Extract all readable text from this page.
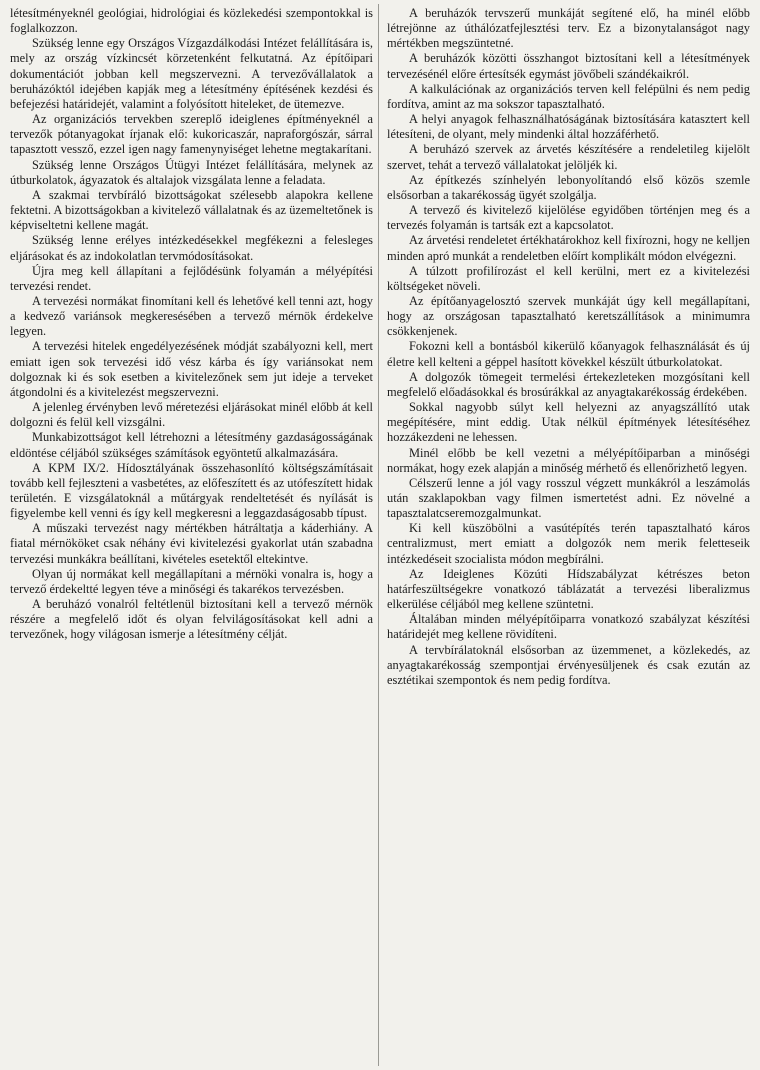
létesítményeknél geológiai, hidrológiai és közlekedési szempontokkal is foglalkozzon.

Szükség lenne egy Országos Vízgazdálkodási Intézet felállítására is, mely az ország vízkincsét körzetenként felkutatná. Az építőipari dokumentációt jobban kell megszervezni. A tervezővállalatok a beruházóktól idejében kapják meg a létesítmény építésének kezdési és befejezési határidejét, valamint a folyósított hiteleket, de ütemezve.

Az organizációs tervekben szereplő ideiglenes építményeknél a tervezők pótanyagokat írjanak elő: kukoricaszár, napraforgószár, sárral tapasztott vessző, ezzel igen nagy famenynyiséget lehetne megtakarítani.

Szükség lenne Országos Útügyi Intézet felállítására, melynek az útburkolatok, ágyazatok és altalajok vizsgálata lenne a feladata.

A szakmai tervbíráló bizottságokat szélesebb alapokra kellene fektetni. A bizottságokban a kivitelező vállalatnak és az üzemeltetőnek is képviseltetni kellene magát.

Szükség lenne erélyes intézkedésekkel megfékezni a felesleges eljárásokat és az indokolatlan tervmódosításokat.

Újra meg kell állapítani a fejlődésünk folyamán a mélyépítési tervezési rendet.

A tervezési normákat finomítani kell és lehetővé kell tenni azt, hogy a kedvező variánsok megkeresésében a tervező mérnök érdekelve legyen.

A tervezési hitelek engedélyezésének módját szabályozni kell, mert emiatt igen sok tervezési idő vész kárba és így variánsokat nem dolgoznak ki és sok esetben a kivitelezőnek sem jut ideje a terveket átgondolni és a kivitelezést megszervezni.

A jelenleg érvényben levő méretezési eljárásokat minél előbb át kell dolgozni és felül kell vizsgálni.

Munkabizottságot kell létrehozni a létesítmény gazdaságosságának eldöntése céljából szükséges számítások egyöntetű alkalmazására.

A KPM IX/2. Hídosztályának összehasonlító költségszámításait tovább kell fejleszteni a vasbetétes, az előfeszített és az utófeszített hidak területén. E vizsgálatoknál a műtárgyak rendeltetését és nyílását is figyelembe kell venni és így kell megkeresni a leggazdaságosabb típust.

A műszaki tervezést nagy mértékben hátráltatja a káderhiány. A fiatal mérnököket csak néhány évi kivitelezési gyakorlat után szabadna tervezési munkákra beállítani, kivételes esetektől eltekintve.

Olyan új normákat kell megállapítani a mérnöki vonalra is, hogy a tervező érdekeltté legyen téve a minőségi és takarékos tervezésben.

A beruházó vonalról feltétlenül biztosítani kell a tervező mérnök részére a megfelelő időt és olyan felvilágosításokat kell adni a tervezőnek, hogy világosan ismerje a létesítmény célját.

A beruházók tervszerű munkáját segítené elő, ha minél előbb létrejönne az úthálózatfejlesztési terv. Ez a bizonytalanságot nagy mértékben megszüntetné.

A beruházók közötti összhangot biztosítani kell a létesítmények tervezésénél előre értesítsék egymást jövőbeli szándékaikról.

A kalkulációnak az organizációs terven kell felépülni és nem pedig fordítva, amint az ma sokszor tapasztalható.

A helyi anyagok felhasználhatóságának biztosítására katasztert kell létesíteni, de olyant, mely mindenki által hozzáférhető.

A beruházó szervek az árvetés készítésére a rendeletileg kijelölt szervet, tehát a tervező vállalatokat jelöljék ki.

Az építkezés színhelyén lebonyolítandó első közös szemle elsősorban a takarékosság ügyét szolgálja.

A tervező és kivitelező kijelölése egyidőben történjen meg és a tervezés folyamán is tartsák ezt a kapcsolatot.

Az árvetési rendeletet értékhatárokhoz kell fixírozni, hogy ne kelljen minden apró munkát a rendeletben előírt komplikált módon elvégezni.

A túlzott profilírozást el kell kerülni, mert ez a kivitelezési költségeket növeli.

Az építőanyagelosztó szervek munkáját úgy kell megállapítani, hogy az országosan tapasztalható keretszállítások a minimumra csökkenjenek.

Fokozni kell a bontásból kikerülő kőanyagok felhasználását és új életre kell kelteni a géppel hasított kövekkel készült útburkolatokat.

A dolgozók tömegeit termelési értekezleteken mozgósítani kell megfelelő előadásokkal és brosúrákkal az anyagtakarékosság érdekében.

Sokkal nagyobb súlyt kell helyezni az anyagszállító utak megépítésére, mint eddig. Utak nélkül építmények létesítéséhez hozzákezdeni ne lehessen.

Minél előbb be kell vezetni a mélyépítőiparban a minőségi normákat, hogy ezek alapján a minőség mérhető és ellenőrizhető legyen.

Célszerű lenne a jól vagy rosszul végzett munkákról a leszámolás után szaklapokban vagy filmen ismertetést adni. Ez növelné a tapasztalatcseremozgalmunkat.

Ki kell küszöbölni a vasútépítés terén tapasztalható káros centralizmust, mert emiatt a dolgozók nem merik feletteseik intézkedéseit szocialista módon megbírálni.

Az Ideiglenes Közúti Hídszabályzat kétrészes beton határfeszültségekre vonatkozó táblázatát a tervezési liberalizmus elkerülése céljából meg kellene szüntetni.

Általában minden mélyépítőiparra vonatkozó szabályzat készítési határidejét meg kellene rövidíteni.

A tervbírálatoknál elsősorban az üzemmenet, a közlekedés, az anyagtakarékosság szempontjai érvényesüljenek és csak ezután az esztétikai szempontok és nem pedig fordítva.
